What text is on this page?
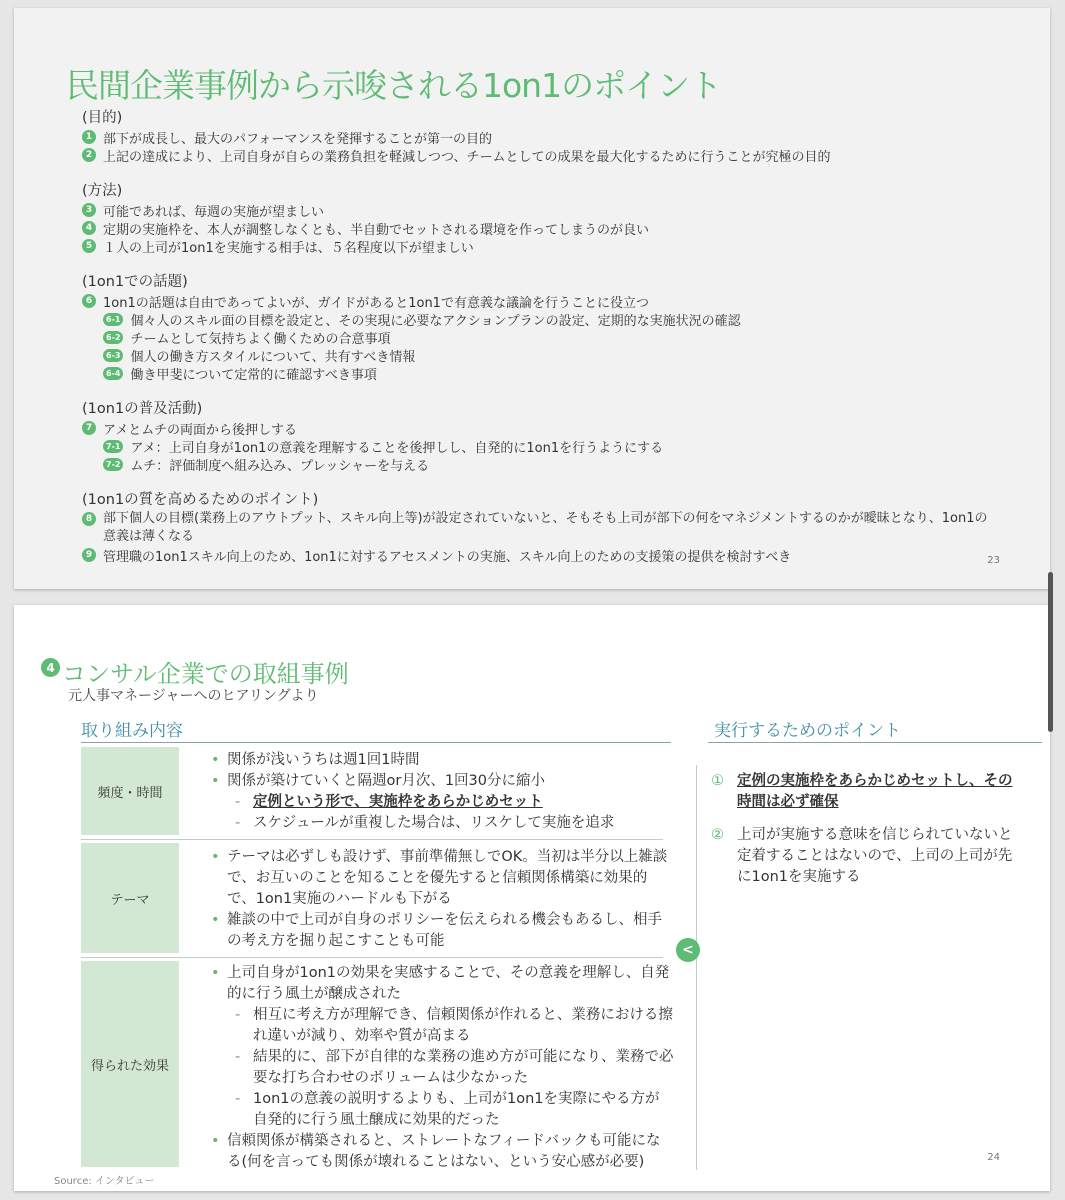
民間企業事例から示唆される1on1のポイント
(目的)
1 部下が成長し、最大のパフォーマンスを発揮することが第一の目的
2 上記の達成により、上司自身が自らの業務負担を軽減しつつ、チームとしての成果を最大化するために行うことが究極の目的
(方法)
3 可能であれば、毎週の実施が望ましい
4 定期の実施枠を、本人が調整しなくとも、半自動でセットされる環境を作ってしまうのが良い
5 １人の上司が1on1を実施する相手は、５名程度以下が望ましい
(1on1での話題)
6 1on1の話題は自由であってよいが、ガイドがあると1on1で有意義な議論を行うことに役立つ
6-1 個々人のスキル面の目標を設定と、その実現に必要なアクションプランの設定、定期的な実施状況の確認
6-2 チームとして気持ちよく働くための合意事項
6-3 個人の働き方スタイルについて、共有すべき情報
6-4 働き甲斐について定常的に確認すべき事項
(1on1の普及活動)
7 アメとムチの両面から後押しする
7-1 アメ：上司自身が1on1の意義を理解することを後押しし、自発的に1on1を行うようにする
7-2 ムチ：評価制度へ組み込み、プレッシャーを与える
(1on1の質を高めるためのポイント)
8 部下個人の目標(業務上のアウトプット、スキル向上等)が設定されていないと、そもそも上司が部下の何をマネジメントするのかが曖昧となり、1on1の意義は薄くなる
9 管理職の1on1スキル向上のため、1on1に対するアセスメントの実施、スキル向上のための支援策の提供を検討すべき	23
4 コンサル企業での取組事例
元人事マネージャーへのヒアリングより
取り組み内容	実行するためのポイント
頻度・時間
• 関係が浅いうちは週1回1時間
• 関係が築けていくと隔週or月次、1回30分に縮小
- 定例という形で、実施枠をあらかじめセット
- スケジュールが重複した場合は、リスケして実施を追求
テーマ
• テーマは必ずしも設けず、事前準備無しでOK。当初は半分以上雑談で、お互いのことを知ることを優先すると信頼関係構築に効果的で、1on1実施のハードルも下がる
• 雑談の中で上司が自身のポリシーを伝えられる機会もあるし、相手の考え方を掘り起こすことも可能
得られた効果
• 上司自身が1on1の効果を実感することで、その意義を理解し、自発的に行う風土が醸成された
- 相互に考え方が理解でき、信頼関係が作れると、業務における擦れ違いが減り、効率や質が高まる
- 結果的に、部下が自律的な業務の進め方が可能になり、業務で必要な打ち合わせのボリュームは少なかった
- 1on1の意義の説明するよりも、上司が1on1を実際にやる方が自発的に行う風土醸成に効果的だった
• 信頼関係が構築されると、ストレートなフィードバックも可能になる(何を言っても関係が壊れることはない、という安心感が必要)
<
① 定例の実施枠をあらかじめセットし、その時間は必ず確保
② 上司が実施する意味を信じられていないと定着することはないので、上司の上司が先に1on1を実施する
Source: インタビュー
24
